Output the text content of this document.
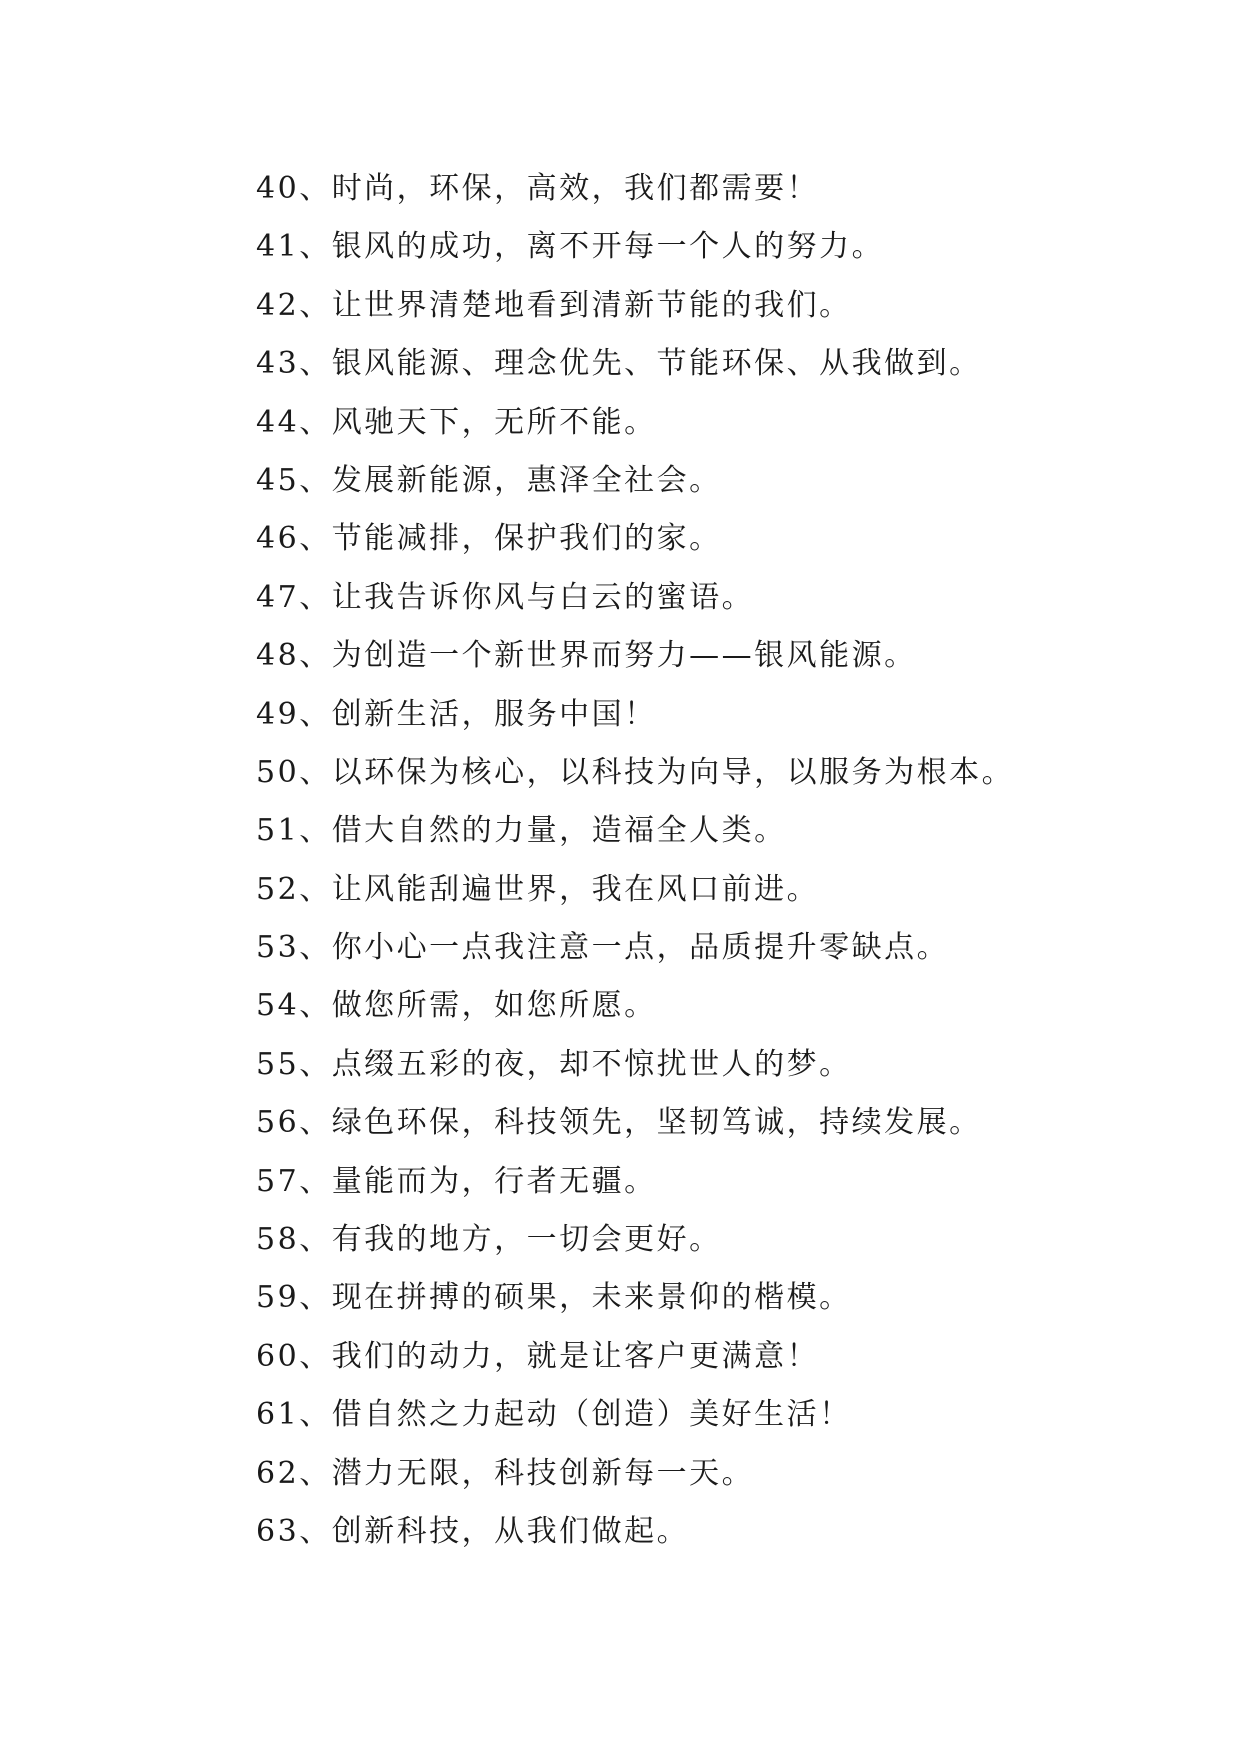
40 、 时尚，环保，高效，我们都需要！
41 、 银风的成功，离不开每一个人的努力。
42 、 让世界清楚地看到清新节能的我们。
43 、 银风能源、理念优先、节能环保、从我做到。
44 、 风驰天下，无所不能。
45 、 发展新能源，惠泽全社会。
46 、 节能减排，保护我们的家。
47 、 让我告诉你风与白云的蜜语。
48 、 为创造一个新世界而努力——银风能源。
49 、 创新生活，服务中国！
50 、 以环保为核心，以科技为向导，以服务为根本。
51 、 借大自然的力量，造福全人类。
52 、 让风能刮遍世界，我在风口前进。
53 、 你小心一点我注意一点，品质提升零缺点。
54 、 做您所需，如您所愿。
55 、 点缀五彩的夜，却不惊扰世人的梦。
56 、 绿色环保，科技领先，坚韧笃诚，持续发展。
57 、 量能而为，行者无疆。
58 、 有我的地方，一切会更好。
59 、 现在拼搏的硕果，未来景仰的楷模。
60 、 我们的动力，就是让客户更满意！
61 、 借自然之力起动（创造）美好生活！
62 、 潜力无限，科技创新每一天。
63 、 创新科技，从我们做起。
